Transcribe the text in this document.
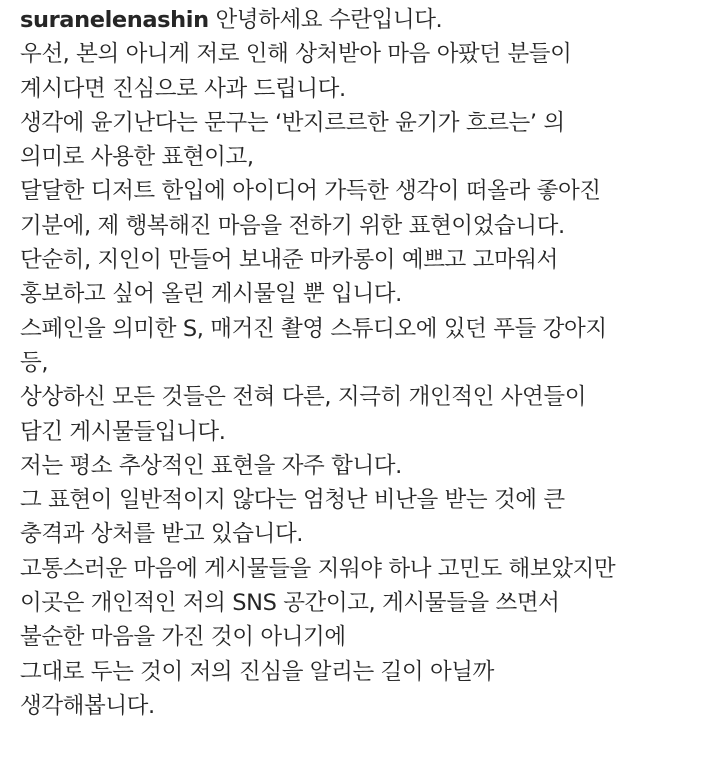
suranelenashin 안녕하세요 수란입니다.
우선, 본의 아니게 저로 인해 상처받아 마음 아팠던 분들이
계시다면 진심으로 사과 드립니다.
생각에 윤기난다는 문구는 ‘반지르르한 윤기가 흐르는’ 의
의미로 사용한 표현이고,
달달한 디저트 한입에 아이디어 가득한 생각이 떠올라 좋아진
기분에, 제 행복해진 마음을 전하기 위한 표현이었습니다.
단순히, 지인이 만들어 보내준 마카롱이 예쁘고 고마워서
홍보하고 싶어 올린 게시물일 뿐 입니다.
스페인을 의미한 S, 매거진 촬영 스튜디오에 있던 푸들 강아지
등,
상상하신 모든 것들은 전혀 다른, 지극히 개인적인 사연들이
담긴 게시물들입니다.
저는 평소 추상적인 표현을 자주 합니다.
그 표현이 일반적이지 않다는 엄청난 비난을 받는 것에 큰
충격과 상처를 받고 있습니다.
고통스러운 마음에 게시물들을 지워야 하나 고민도 해보았지만
이곳은 개인적인 저의 SNS 공간이고, 게시물들을 쓰면서
불순한 마음을 가진 것이 아니기에
그대로 두는 것이 저의 진심을 알리는 길이 아닐까
생각해봅니다.
